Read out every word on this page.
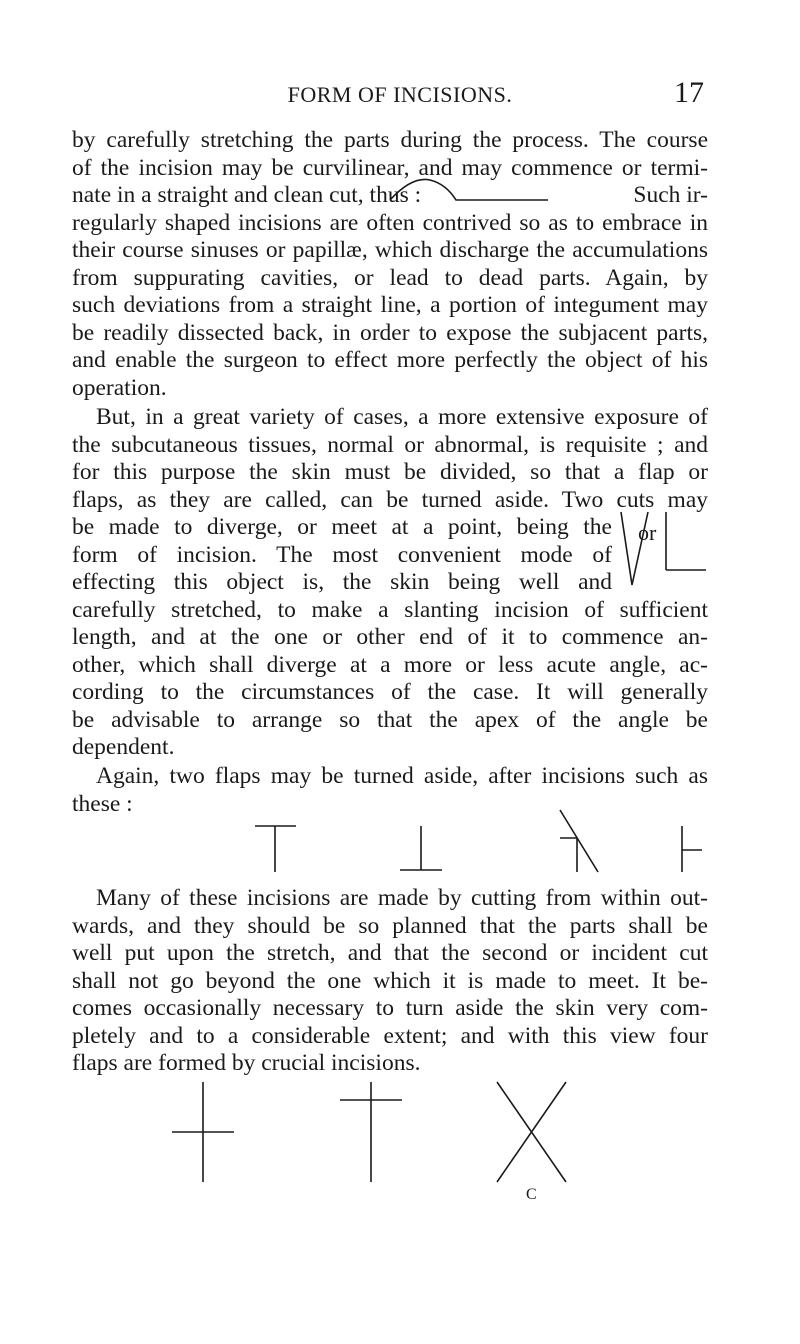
FORM OF INCISIONS.	17
by carefully stretching the parts during the process. The course
of the incision may be curvilinear, and may commence or termi-
nate in a straight and clean cut, thus :	Such ir-
regularly shaped incisions are often contrived so as to embrace in
their course sinuses or papillæ, which discharge the accumulations
from suppurating cavities, or lead to dead parts. Again, by
such deviations from a straight line, a portion of integument may
be readily dissected back, in order to expose the subjacent parts,
and enable the surgeon to effect more perfectly the object of his
operation.
But, in a great variety of cases, a more extensive exposure of
the subcutaneous tissues, normal or abnormal, is requisite ; and
for this purpose the skin must be divided, so that a flap or
flaps, as they are called, can be turned aside. Two cuts may
be made to diverge, or meet at a point, being the
form of incision. The most convenient mode of
effecting this object is, the skin being well and
carefully stretched, to make a slanting incision of sufficient
length, and at the one or other end of it to commence an-
other, which shall diverge at a more or less acute angle, ac-
cording to the circumstances of the case. It will generally
be advisable to arrange so that the apex of the angle be
dependent.
or
Again, two flaps may be turned aside, after incisions such as
these :
Many of these incisions are made by cutting from within out-
wards, and they should be so planned that the parts shall be
well put upon the stretch, and that the second or incident cut
shall not go beyond the one which it is made to meet. It be-
comes occasionally necessary to turn aside the skin very com-
pletely and to a considerable extent; and with this view four
flaps are formed by crucial incisions.
C
